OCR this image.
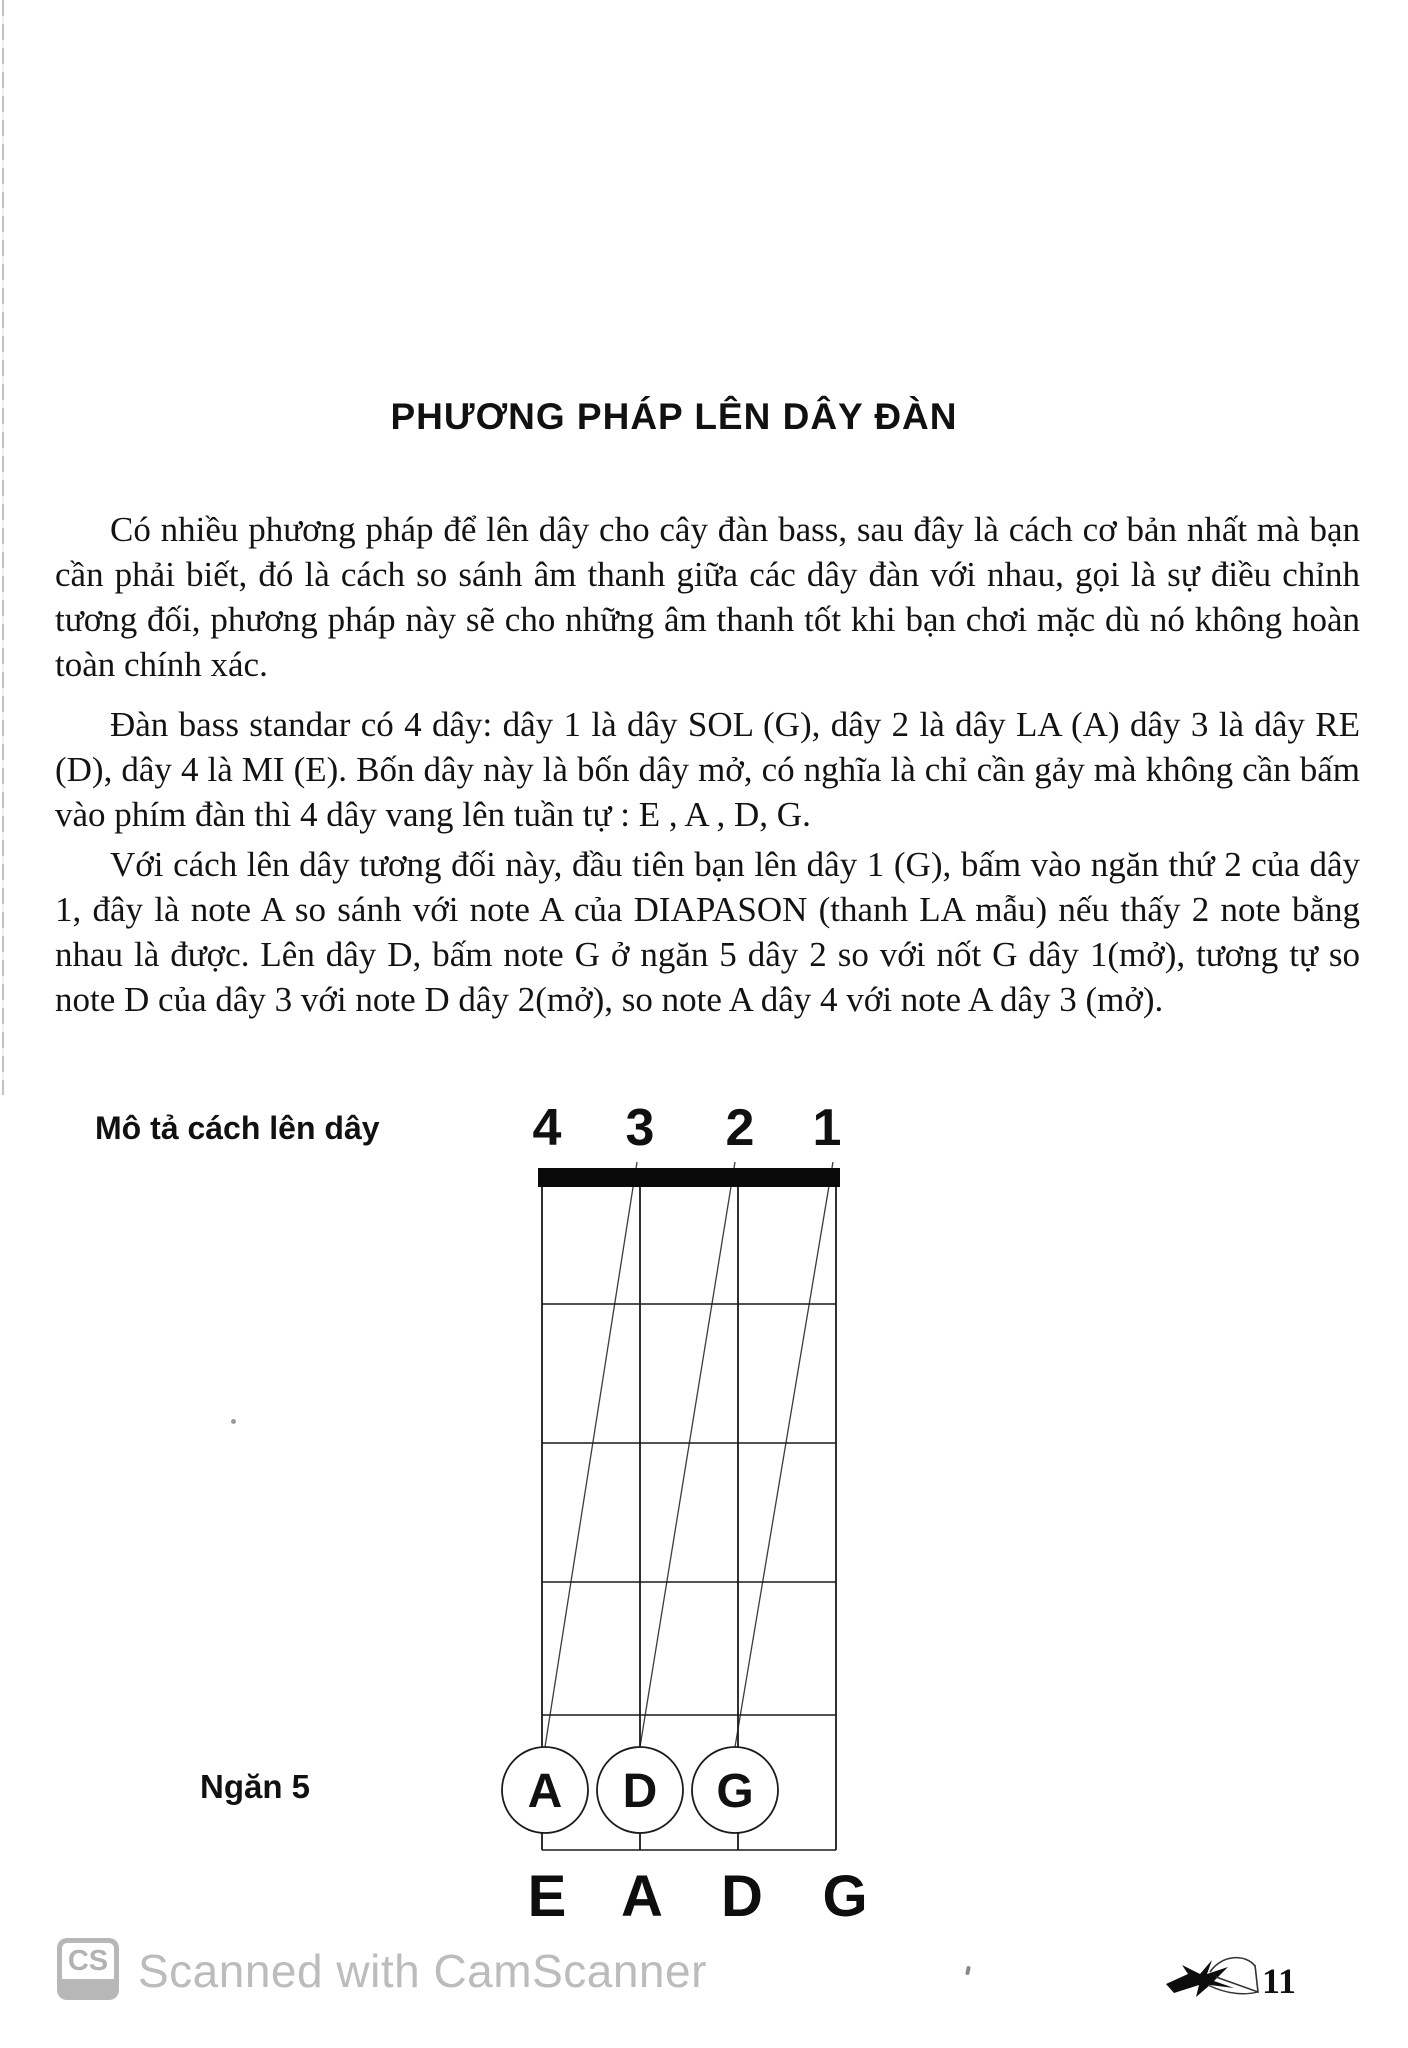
PHƯƠNG PHÁP LÊN DÂY ĐÀN

Có nhiều phương pháp để lên dây cho cây đàn bass, sau đây là cách cơ bản nhất mà bạn cần phải biết, đó là cách so sánh âm thanh giữa các dây đàn với nhau, gọi là sự điều chỉnh tương đối, phương pháp này sẽ cho những âm thanh tốt khi bạn chơi mặc dù nó không hoàn toàn chính xác.

Đàn bass standar có 4 dây: dây 1 là dây SOL (G), dây 2 là dây LA (A) dây 3 là dây RE (D), dây 4 là MI (E). Bốn dây này là bốn dây mở, có nghĩa là chỉ cần gảy mà không cần bấm vào phím đàn thì 4 dây vang lên tuần tự : E , A , D, G.

Với cách lên dây tương đối này, đầu tiên bạn lên dây 1 (G), bấm vào ngăn thứ 2 của dây 1, đây là note A so sánh với note A của DIAPASON (thanh LA mẫu) nếu thấy 2 note bằng nhau là được. Lên dây D, bấm note G ở ngăn 5 dây 2 so với nốt G dây 1(mở), tương tự so note D của dây 3 với note D dây 2(mở), so note A dây 4 với note A dây 3 (mở).

Mô tả cách lên dây	4 3 2 1
A D G
Ngăn 5
E A D G
CS Scanned with CamScanner	11
